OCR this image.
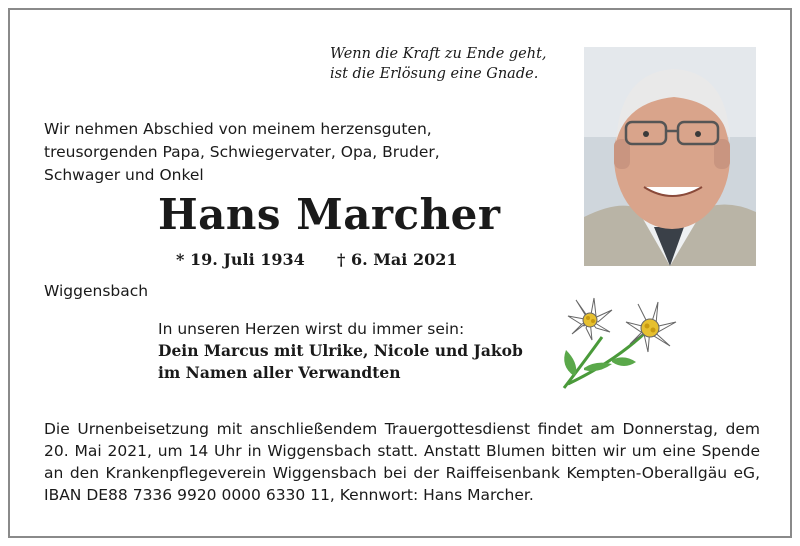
Wenn die Kraft zu Ende geht,
ist die Erlösung eine Gnade.
Wir nehmen Abschied von meinem herzensguten,
treusorgenden Papa, Schwiegervater, Opa, Bruder,
Schwager und Onkel
Hans Marcher
* 19. Juli 1934 † 6. Mai 2021
Wiggensbach
In unseren Herzen wirst du immer sein:
Dein Marcus mit Ulrike, Nicole und Jakob
im Namen aller Verwandten
Die Urnenbeisetzung mit anschließendem Trauergottesdienst findet am Donnerstag, dem 20. Mai 2021, um 14 Uhr in Wiggensbach statt. Anstatt Blumen bitten wir um eine Spende an den Krankenpflegeverein Wiggensbach bei der Raiffeisenbank Kempten-Oberallgäu eG, IBAN DE88 7336 9920 0000 6330 11, Kennwort: Hans Marcher.
